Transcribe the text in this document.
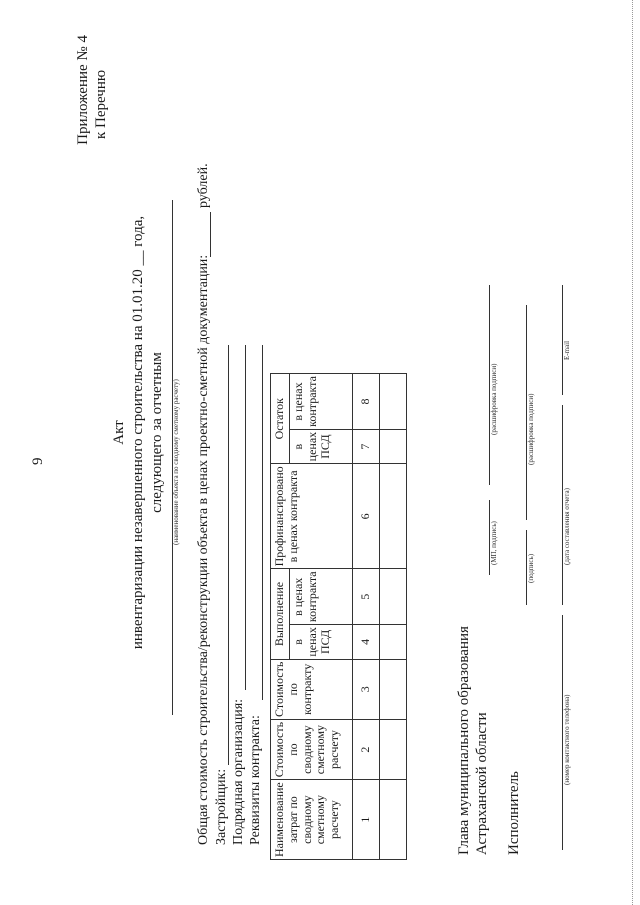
9
Приложение № 4 к Перечню
Акт инвентаризации незавершенного строительства на 01.01.20 __ года, следующего за отчетным (наименование объекта по сводному сметному расчету) Общая стоимость строительства/реконструкции объекта в ценах проектно-сметной документации:
рублей.
Застройщик: Подрядная организация: Реквизиты контракта: Наименование затрат по сводному сметному расчету	Стоимость по сводному сметному расчету	Стоимость по контракту	Выполнение		Профинансировано в ценах контракта	Остаток	
			в ценах ПСД	в ценах контракта		в ценах ПСД	в ценах контракта
1	2	3	4	5	6	7	8

Глава муниципального образования Астраханской области
(МП, подпись)
(расшифровка подписи)
Исполнитель
(подпись)
(расшифровка подписи)
(номер контактного телефона)
(дата составления отчета)
E-mail
